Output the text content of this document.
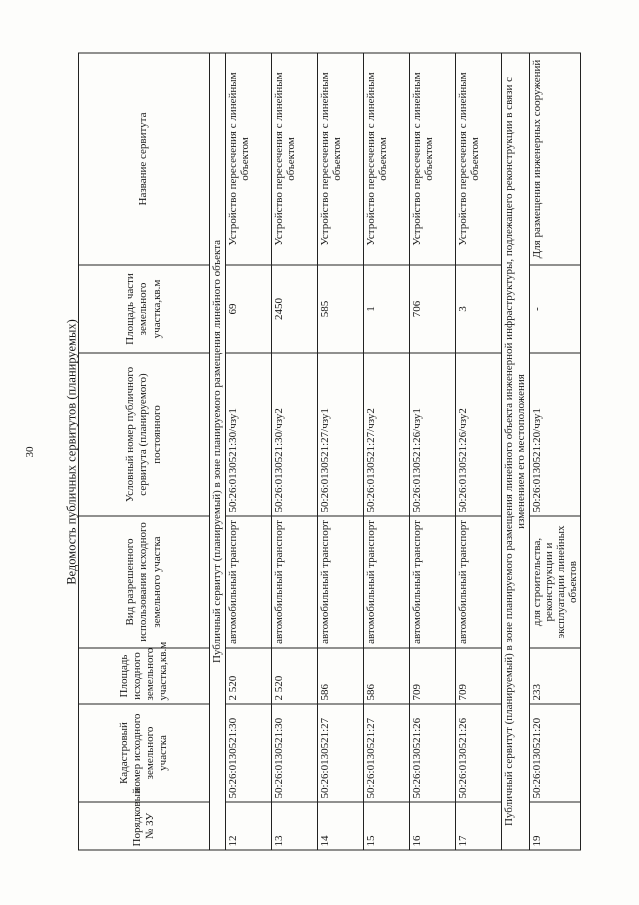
30 Ведомость публичных сервитутов (планируемых)
Порядковый № ЗУ	Кадастровый номер исходного земельного участка	Площадь исходного земельного участка,кв.м	Вид разрешенного использования исходного земельного участка	Условный номер публичного сервитута (планируемого) постоянного	Площадь части земельного участка,кв.м	Название сервитута
Публичный сервитут (планируемый) в зоне планируемого размещения линейного объекта						
12	50:26:0130521:30	2 520	автомобильный транспорт	50:26:0130521:30/чзу1	69	Устройство пересечения с линейным объектом
13	50:26:0130521:30	2 520	автомобильный транспорт	50:26:0130521:30/чзу2	2450	Устройство пересечения с линейным объектом
14	50:26:0130521:27	586	автомобильный транспорт	50:26:0130521:27/чзу1	585	Устройство пересечения с линейным объектом
15	50:26:0130521:27	586	автомобильный транспорт	50:26:0130521:27/чзу2	1	Устройство пересечения с линейным объектом
16	50:26:0130521:26	709	автомобильный транспорт	50:26:0130521:26/чзу1	706	Устройство пересечения с линейным объектом
17	50:26:0130521:26	709	автомобильный транспорт	50:26:0130521:26/чзу2	3	Устройство пересечения с линейным объектом
Публичный сервитут (планируемый) в зоне планируемого размещения линейного объекта инженерной инфраструктуры, подлежащего реконструкции в связи с изменением его местоположения						
19	50:26:0130521:20	233	для строительства, реконструкции и эксплуатации линейных объектов	50:26:0130521:20/чзу1	-	Для размещения инженерных сооружений
